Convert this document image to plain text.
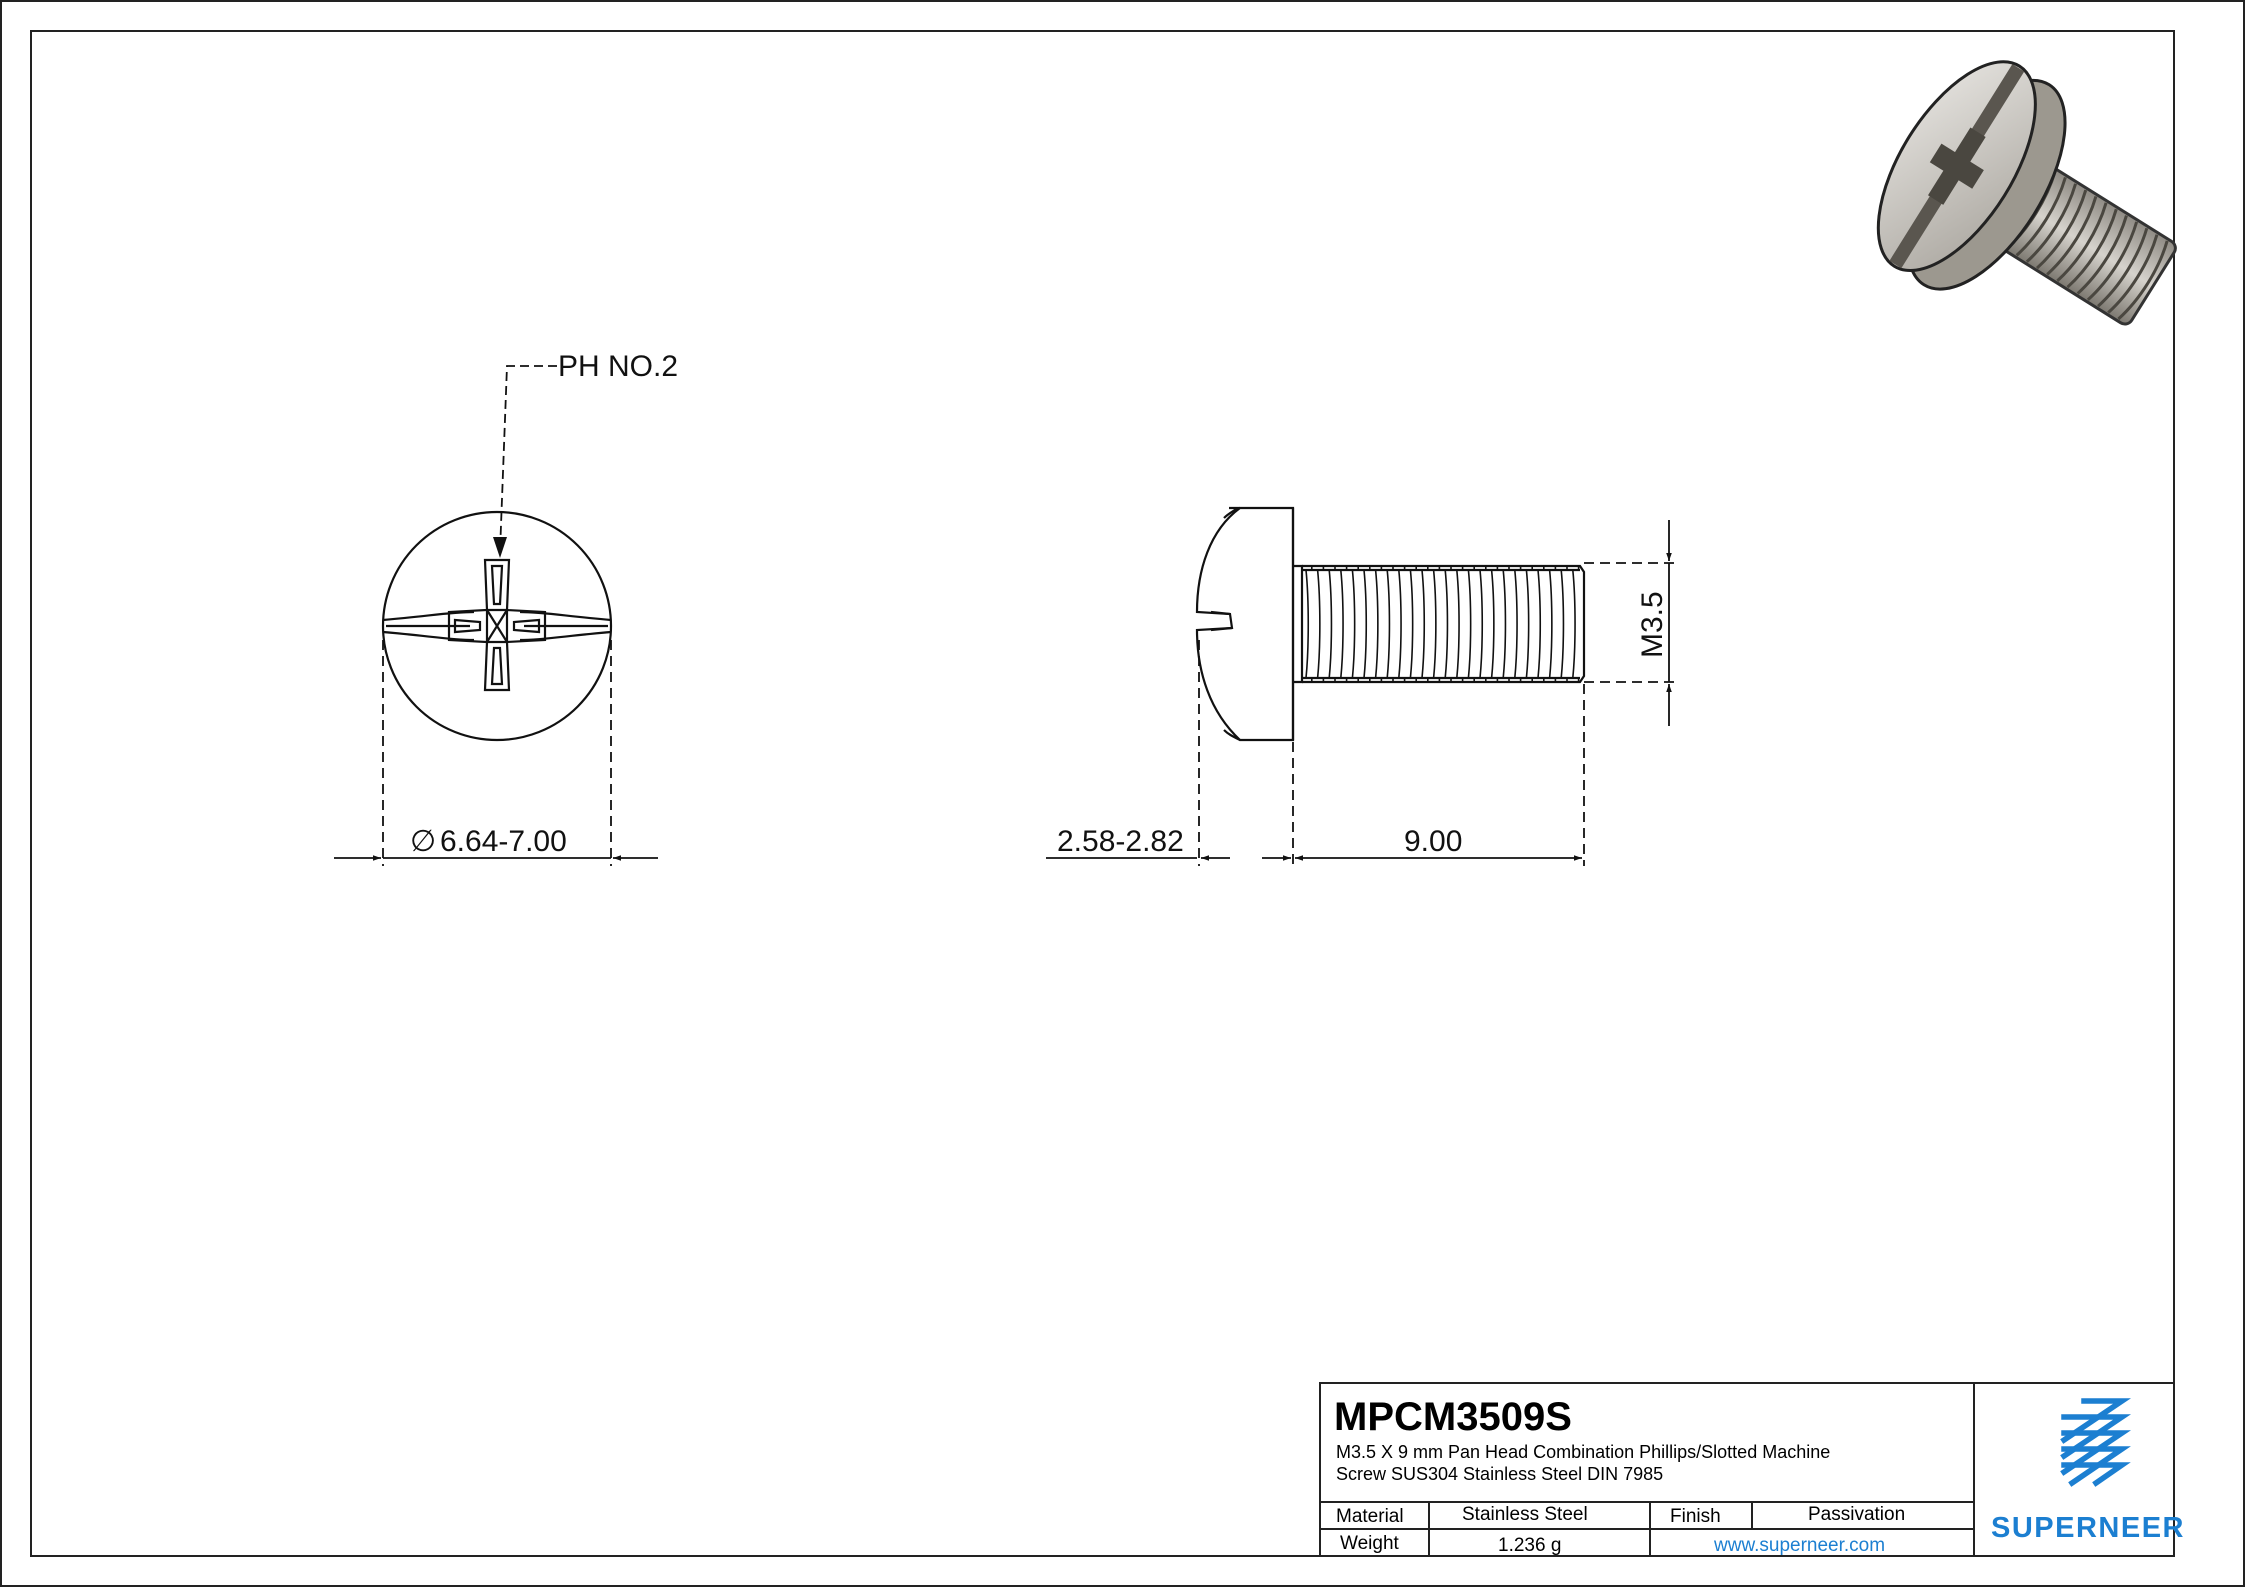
PH NO.2
∅ 6.64-7.00
M3.5
2.58-2.82	9.00
MPCM3509S
M3.5 X 9 mm Pan Head Combination Phillips/Slotted Machine
Screw SUS304 Stainless Steel DIN 7985
Material	Stainless Steel	Finish	Passivation
Weight	1.236 g	www.superneer.com
SUPERNEER
